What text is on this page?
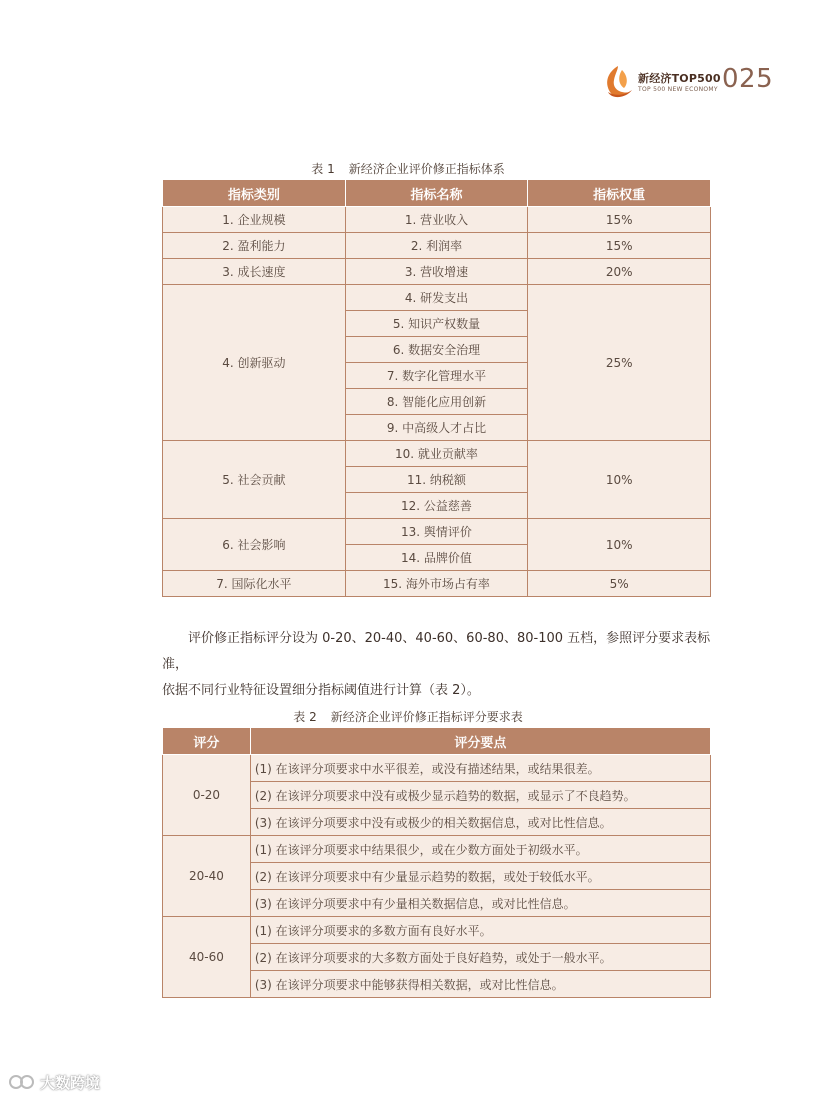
新经济TOP500
TOP 500 NEW ECONOMY 025
表 1 新经济企业评价修正指标体系
指标类别	指标名称	指标权重
1. 企业规模	1. 营业收入	15%
2. 盈利能力	2. 利润率	15%
3. 成长速度	3. 营收增速	20%
4. 创新驱动	4. 研发支出	25%
	5. 知识产权数量	
	6. 数据安全治理	
	7. 数字化管理水平	
	8. 智能化应用创新	
	9. 中高级人才占比	
5. 社会贡献	10. 就业贡献率	10%
	11. 纳税额	
	12. 公益慈善	
6. 社会影响	13. 舆情评价	10%
	14. 品牌价值	
7. 国际化水平	15. 海外市场占有率	5%

评价修正指标评分设为 0-20、20-40、40-60、60-80、80-100 五档，参照评分要求表标准，

依据不同行业特征设置细分指标阈值进行计算（表 2）。

表 2 新经济企业评价修正指标评分要求表
评分	评分要点
0-20	(1) 在该评分项要求中水平很差，或没有描述结果，或结果很差。
	(2) 在该评分项要求中没有或极少显示趋势的数据，或显示了不良趋势。
	(3) 在该评分项要求中没有或极少的相关数据信息，或对比性信息。
20-40	(1) 在该评分项要求中结果很少，或在少数方面处于初级水平。
	(2) 在该评分项要求中有少量显示趋势的数据，或处于较低水平。
	(3) 在该评分项要求中有少量相关数据信息，或对比性信息。
40-60	(1) 在该评分项要求的多数方面有良好水平。
	(2) 在该评分项要求的大多数方面处于良好趋势，或处于一般水平。
	(3) 在该评分项要求中能够获得相关数据，或对比性信息。
大数跨境
